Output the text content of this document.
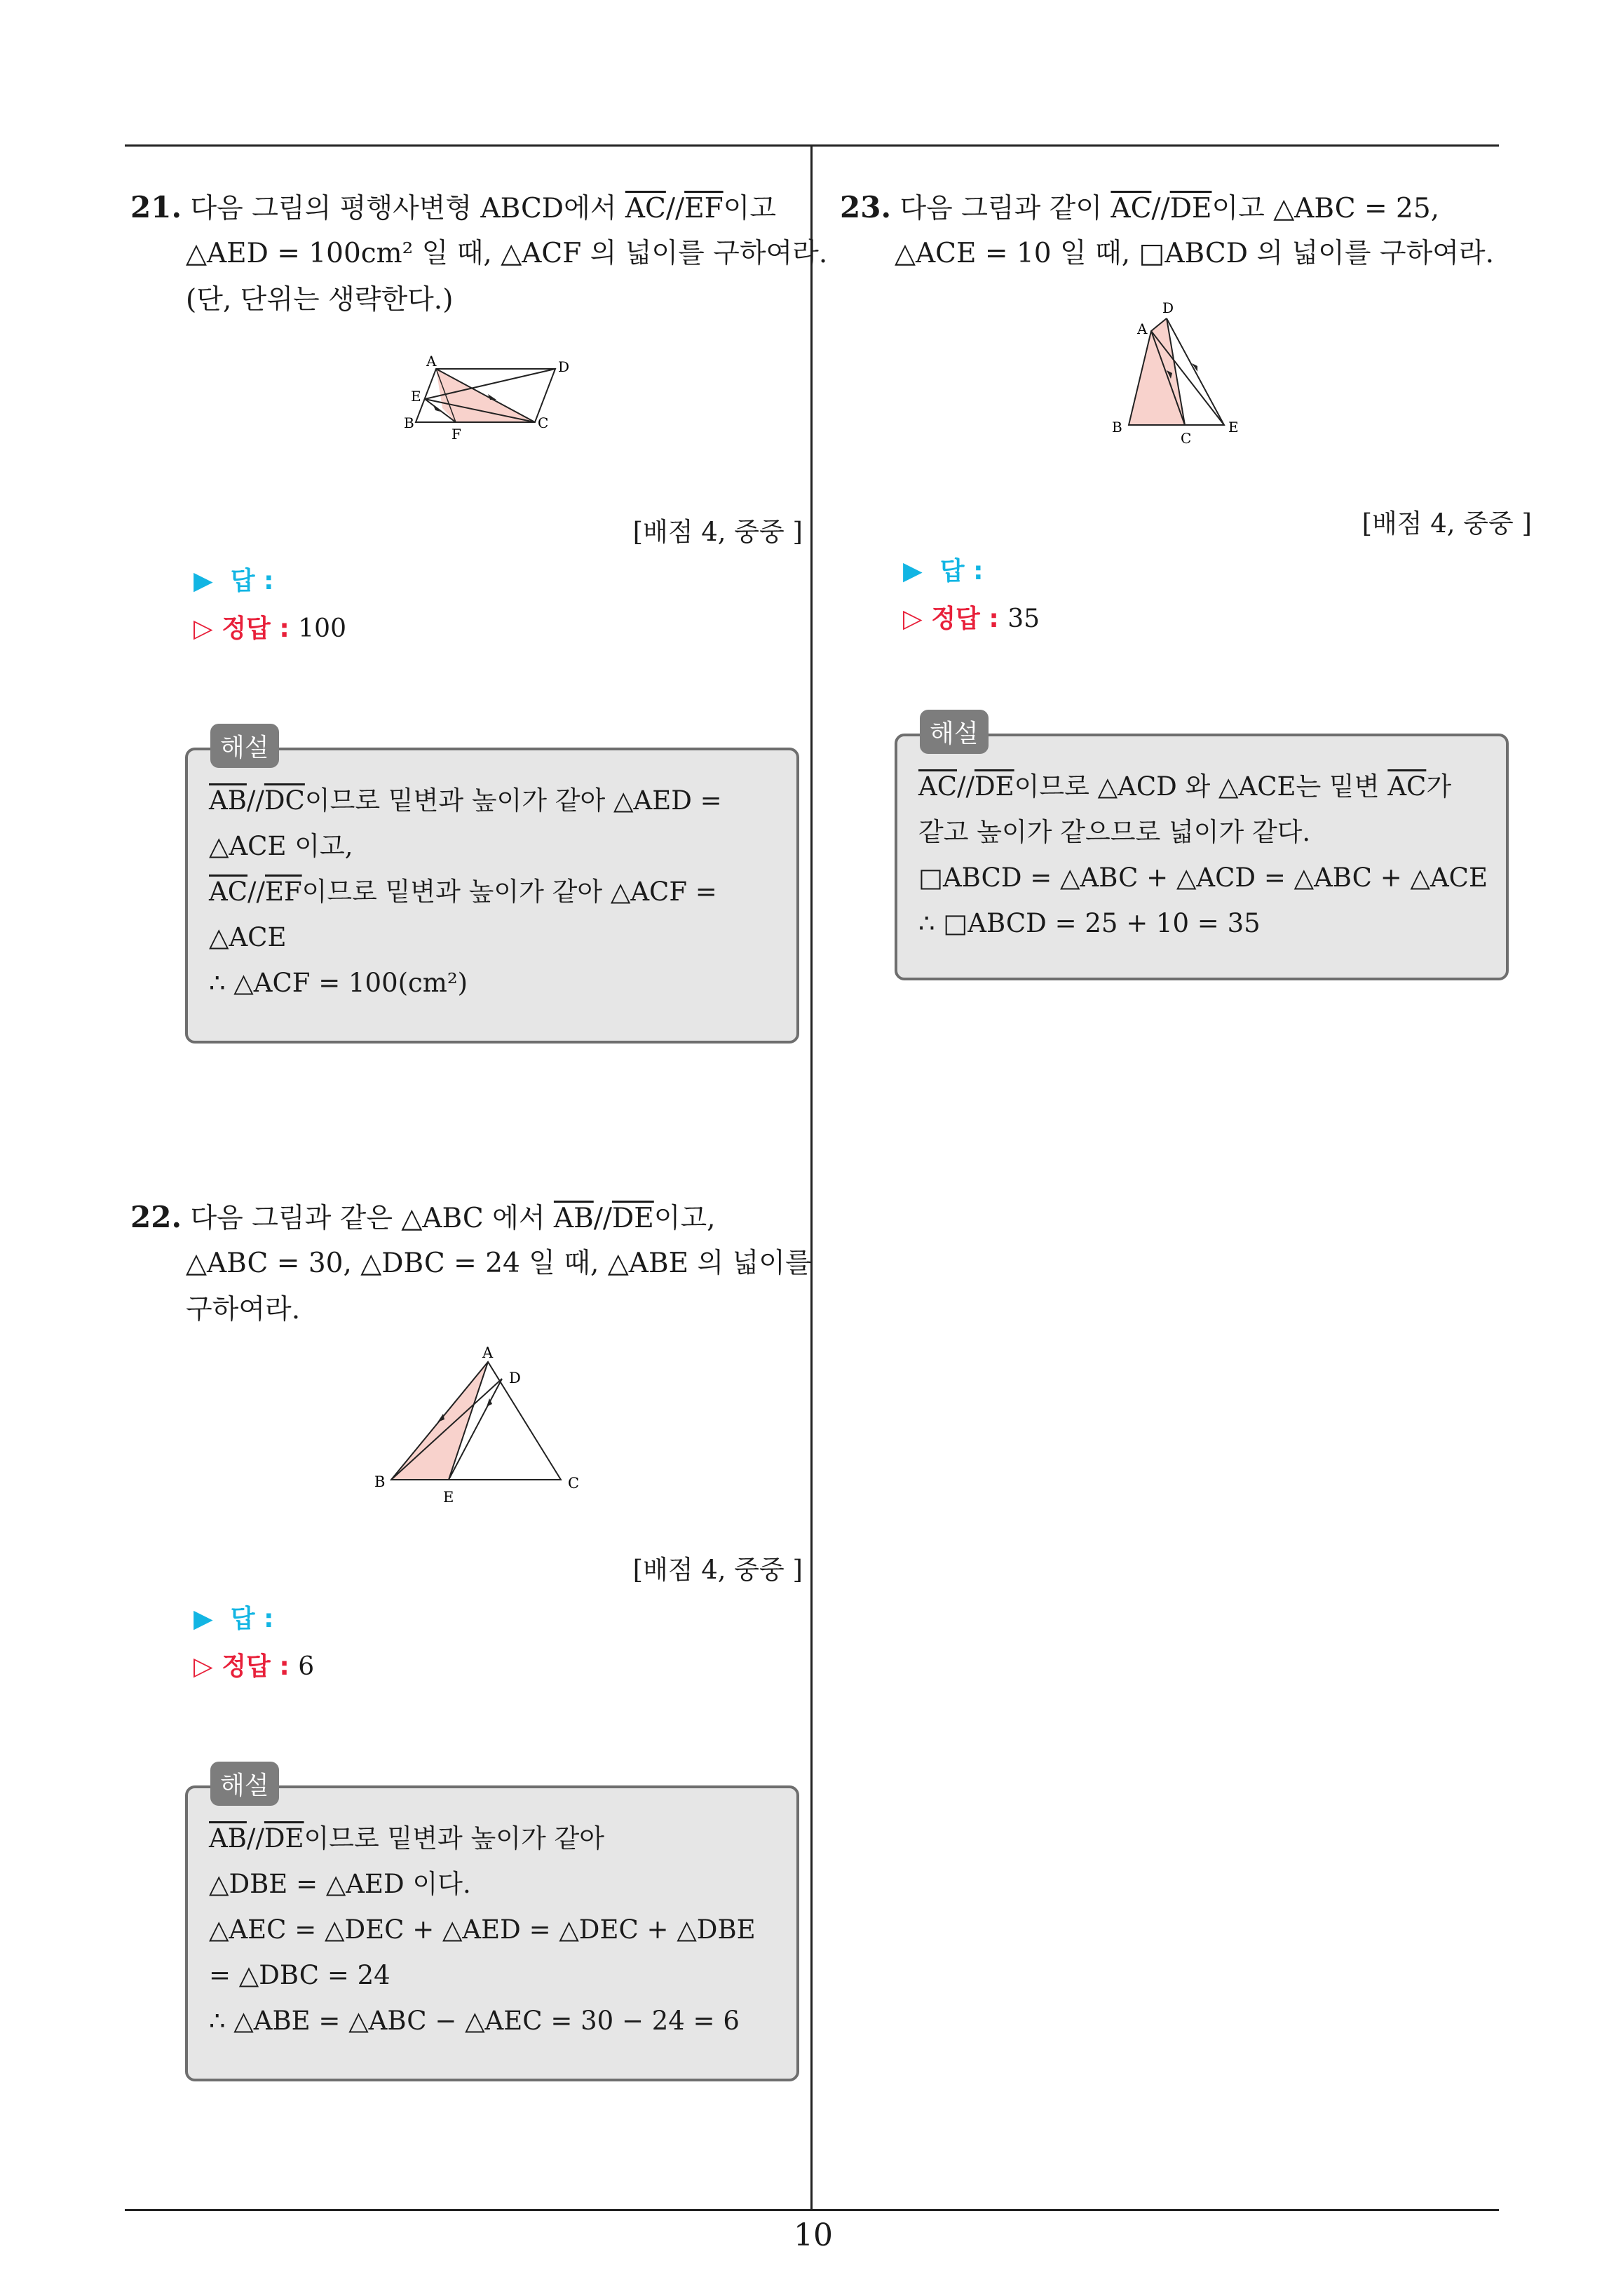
21. 다음 그림의 평행사변형 ABCD에서 $\overline{AC}//\overline{EF}$이고
△AED = 100cm² 일 때, △ACF 의 넓이를 구하여라.
(단, 단위는 생략한다.)
A	D
E
B
F
C
[배점 4, 중중 ]
▶ 답 :
▷ 정답 : 100
$\overline{AB}//\overline{DC}$이므로 밑변과 높이가 같아 △AED =
△ACE 이고,
$\overline{AC}//\overline{EF}$이므로 밑변과 높이가 같아 △ACF =
△ACE
∴ △ACF = 100(cm²)
해설
22. 다음 그림과 같은 △ABC 에서 $\overline{AB}//\overline{DE}$이고,
△ABC = 30, △DBC = 24 일 때, △ABE 의 넓이를
구하여라.
A
D
B
E
C
[배점 4, 중중 ]
▶ 답 :
▷ 정답 : 6
$\overline{AB}//\overline{DE}$이므로 밑변과 높이가 같아
△DBE = △AED 이다.
△AEC = △DEC + △AED = △DEC + △DBE
= △DBC = 24
∴ △ABE = △ABC − △AEC = 30 − 24 = 6
해설
23. 다음 그림과 같이 $\overline{AC}//\overline{DE}$이고 △ABC = 25,
△ACE = 10 일 때, □ABCD 의 넓이를 구하여라.
D
A
B
C
E
[배점 4, 중중 ]
▶ 답 :
▷ 정답 : 35
$\overline{AC}//\overline{DE}$이므로 △ACD 와 △ACE는 밑변 $\overline{AC}$가
같고 높이가 같으므로 넓이가 같다.
□ABCD = △ABC + △ACD = △ABC + △ACE
∴ □ABCD = 25 + 10 = 35
해설
10
